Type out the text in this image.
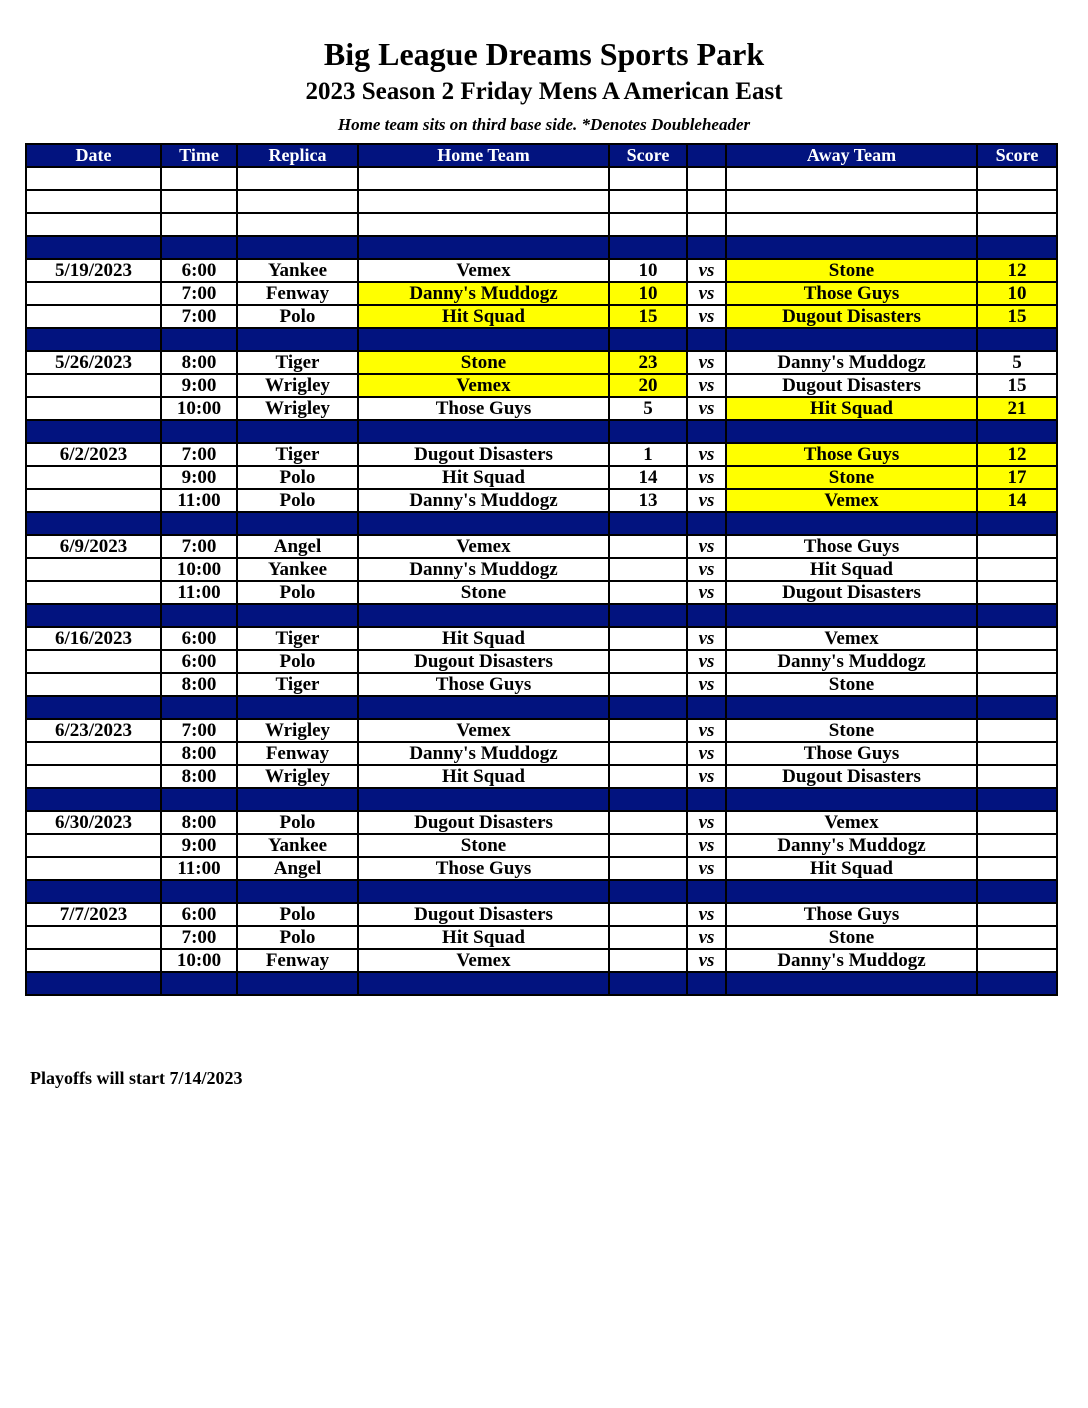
Big League Dreams Sports Park
2023 Season 2 Friday Mens A American East
Home team sits on third base side. *Denotes Doubleheader
Date	Time	Replica	Home Team	Score		Away Team	Score

5/19/2023	6:00	Yankee	Vemex	10	vs	Stone	12
	7:00	Fenway	Danny's Muddogz	10	vs	Those Guys	10
	7:00	Polo	Hit Squad	15	vs	Dugout Disasters	15

5/26/2023	8:00	Tiger	Stone	23	vs	Danny's Muddogz	5
	9:00	Wrigley	Vemex	20	vs	Dugout Disasters	15
	10:00	Wrigley	Those Guys	5	vs	Hit Squad	21

6/2/2023	7:00	Tiger	Dugout Disasters	1	vs	Those Guys	12
	9:00	Polo	Hit Squad	14	vs	Stone	17
	11:00	Polo	Danny's Muddogz	13	vs	Vemex	14

6/9/2023	7:00	Angel	Vemex		vs	Those Guys	
	10:00	Yankee	Danny's Muddogz		vs	Hit Squad	
	11:00	Polo	Stone		vs	Dugout Disasters	

6/16/2023	6:00	Tiger	Hit Squad		vs	Vemex	
	6:00	Polo	Dugout Disasters		vs	Danny's Muddogz	
	8:00	Tiger	Those Guys		vs	Stone	

6/23/2023	7:00	Wrigley	Vemex		vs	Stone	
	8:00	Fenway	Danny's Muddogz		vs	Those Guys	
	8:00	Wrigley	Hit Squad		vs	Dugout Disasters	

6/30/2023	8:00	Polo	Dugout Disasters		vs	Vemex	
	9:00	Yankee	Stone		vs	Danny's Muddogz	
	11:00	Angel	Those Guys		vs	Hit Squad	

7/7/2023	6:00	Polo	Dugout Disasters		vs	Those Guys	
	7:00	Polo	Hit Squad		vs	Stone	
	10:00	Fenway	Vemex		vs	Danny's Muddogz	

Playoffs will start 7/14/2023
